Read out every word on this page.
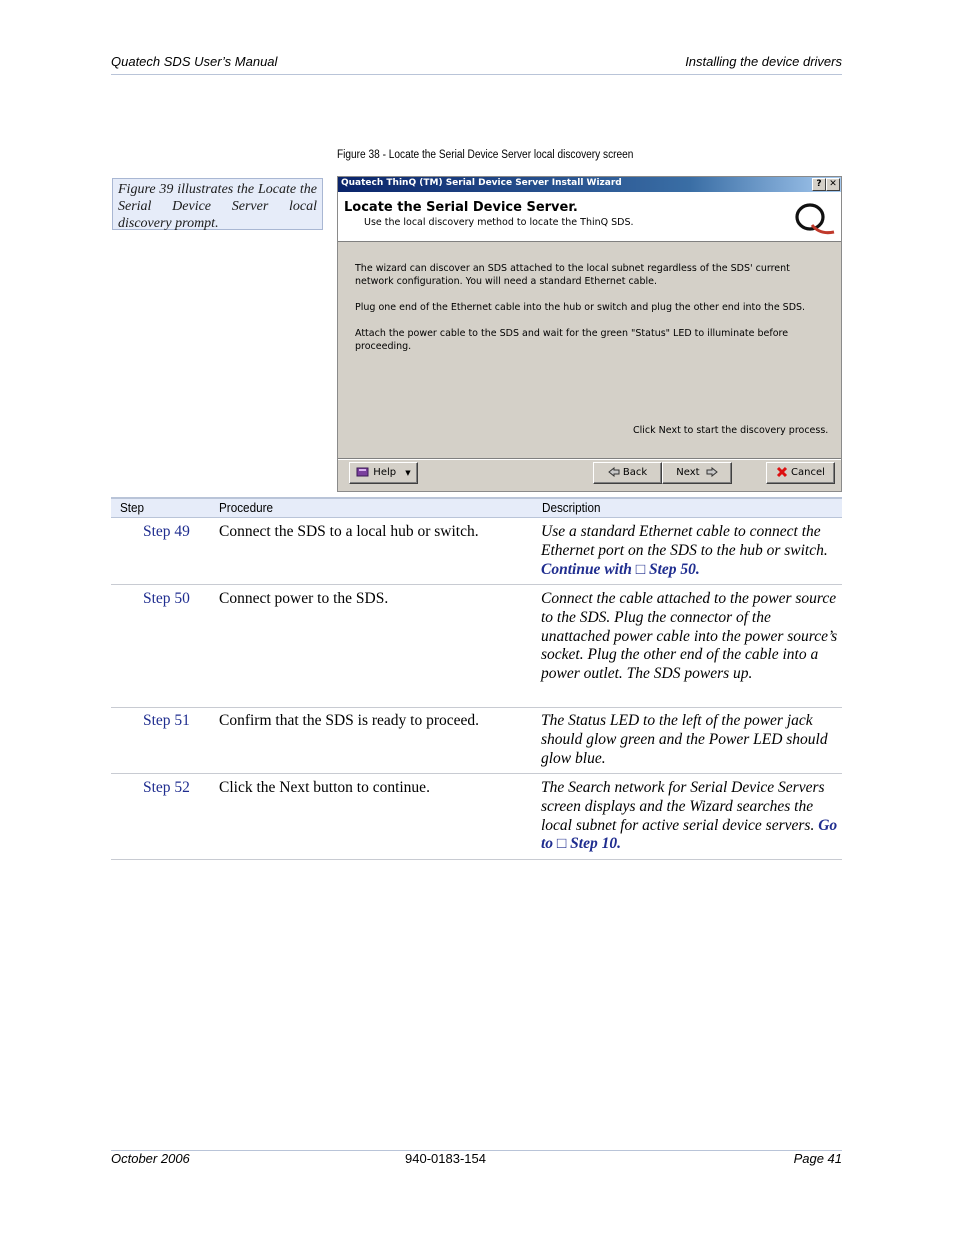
Quatech SDS User’s Manual	Installing the device drivers
Figure 38 - Locate the Serial Device Server local discovery screen
Figure 39 illustrates the Locate the Serial Device Server local discovery prompt.
Quatech ThinQ (TM) Serial Device Server Install Wizard	? ✕
Locate the Serial Device Server.
Use the local discovery method to locate the ThinQ SDS.
The wizard can discover an SDS attached to the local subnet regardless of the SDS' current
network configuration. You will need a standard Ethernet cable.
Plug one end of the Ethernet cable into the hub or switch and plug the other end into the SDS.
Attach the power cable to the SDS and wait for the green "Status" LED to illuminate before
proceeding.
Click Next to start the discovery process.
Help ▼	Back	Next	Cancel
Step	Procedure	Description
Step 49 Connect the SDS to a local hub or switch.	Use a standard Ethernet cable to connect the Ethernet port on the SDS to the hub or switch. Continue with □ Step 50.
Step 50 Connect power to the SDS.	Connect the cable attached to the power source to the SDS. Plug the connector of the unattached power cable into the power source’s socket. Plug the other end of the cable into a power outlet. The SDS powers up.
Step 51 Confirm that the SDS is ready to proceed.	The Status LED to the left of the power jack should glow green and the Power LED should glow blue.
Step 52 Click the Next button to continue.	The Search network for Serial Device Servers screen displays and the Wizard searches the local subnet for active serial device servers. Go to □ Step 10.
October 2006	940-0183-154	Page 41
